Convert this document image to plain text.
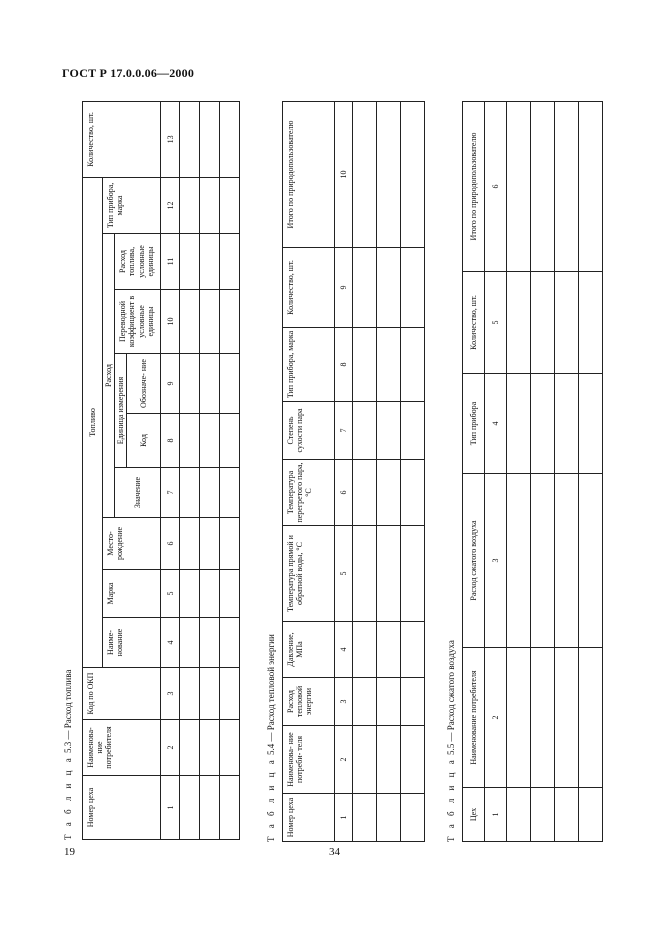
ГОСТ Р 17.0.0.06—2000
19	34
Т а б л и ц а 5.3 — Расход топлива
Номер цеха	Наименова- ние потребителя	Код по ОКП	Топливо									Количество, шт.
			Наиме- нование	Марка	Место- рождение	Расход					Тип прибора, марка	
						Значение	Единица измерения		Переводной коэффициент в условные единицы	Расход топлива, условные единицы		
							Код	Обозначе- ние				
1	2	3	4	5	6	7	8	9	10	11	12	13

Т а б л и ц а 5.4 — Расход тепловой энергии
Номер цеха	Наименова- ние потреби- теля	Расход тепловой энергии	Давление, МПа	Температура прямой и обратной воды, °С	Температура перегретого пара, °С	Степень сухости пара	Тип прибора, марка	Количество, шт.	Итого по природопользователю
1	2	3	4	5	6	7	8	9	10

Т а б л и ц а 5.5 — Расход сжатого воздуха
Цех	Наименование потребителя	Расход сжатого воздуха	Тип прибора	Количество, шт.	Итого по природопользователю
1	2	3	4	5	6
